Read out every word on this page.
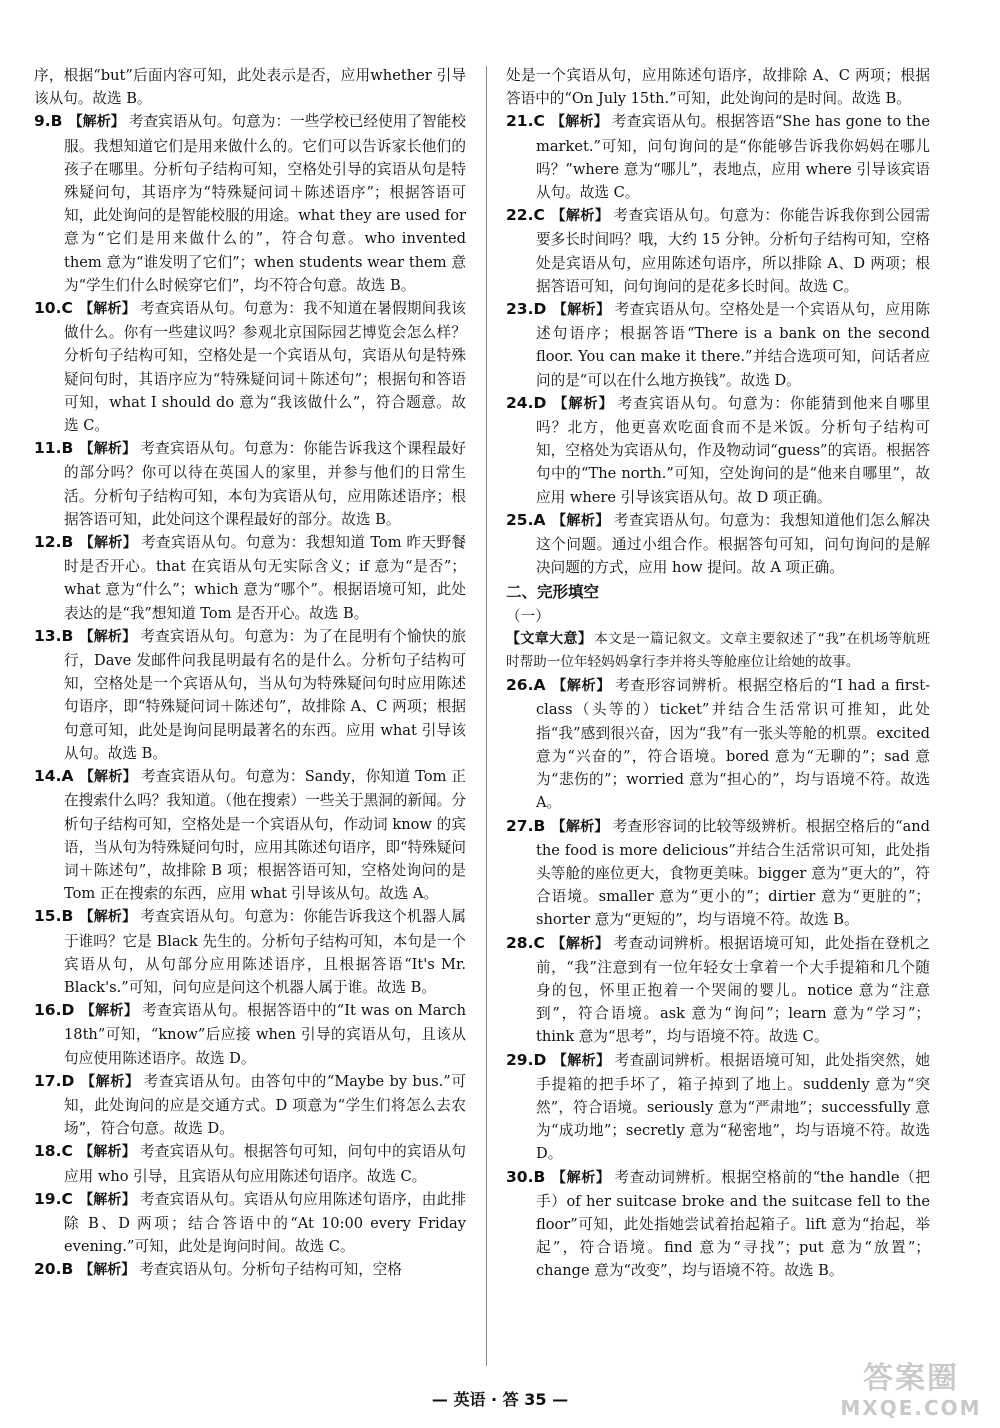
序，根据“but”后面内容可知，此处表示是否，应用whether 引导该从句。故选 B。

9.B 【解析】 考查宾语从句。句意为：一些学校已经使用了智能校服。我想知道它们是用来做什么的。它们可以告诉家长他们的孩子在哪里。分析句子结构可知，空格处引导的宾语从句是特殊疑问句，其语序为“特殊疑问词＋陈述语序”；根据答语可知，此处询问的是智能校服的用途。what they are used for 意为“它们是用来做什么的”，符合句意。who invented them 意为“谁发明了它们”；when students wear them 意为“学生们什么时候穿它们”，均不符合句意。故选 B。

10.C 【解析】 考查宾语从句。句意为：我不知道在暑假期间我该做什么。你有一些建议吗？参观北京国际园艺博览会怎么样？分析句子结构可知，空格处是一个宾语从句，宾语从句是特殊疑问句时，其语序应为“特殊疑问词＋陈述句”；根据句和答语可知，what I should do 意为“我该做什么”，符合题意。故选 C。

11.B 【解析】 考查宾语从句。句意为：你能告诉我这个课程最好的部分吗？你可以待在英国人的家里，并参与他们的日常生活。分析句子结构可知，本句为宾语从句，应用陈述语序；根据答语可知，此处问这个课程最好的部分。故选 B。

12.B 【解析】 考查宾语从句。句意为：我想知道 Tom 昨天野餐时是否开心。that 在宾语从句无实际含义；if 意为“是否”；what 意为“什么”；which 意为“哪个”。根据语境可知，此处表达的是“我”想知道 Tom 是否开心。故选 B。

13.B 【解析】 考查宾语从句。句意为：为了在昆明有个愉快的旅行，Dave 发邮件问我昆明最有名的是什么。分析句子结构可知，空格处是一个宾语从句，当从句为特殊疑问句时应用陈述句语序，即“特殊疑问词＋陈述句”，故排除 A、C 两项；根据句意可知，此处是询问昆明最著名的东西。应用 what 引导该从句。故选 B。

14.A 【解析】 考查宾语从句。句意为：Sandy，你知道 Tom 正在搜索什么吗？我知道。（他在搜索）一些关于黑洞的新闻。分析句子结构可知，空格处是一个宾语从句，作动词 know 的宾语，当从句为特殊疑问句时，应用其陈述句语序，即“特殊疑问词＋陈述句”，故排除 B 项；根据答语可知，空格处询问的是 Tom 正在搜索的东西，应用 what 引导该从句。故选 A。

15.B 【解析】 考查宾语从句。句意为：你能告诉我这个机器人属于谁吗？它是 Black 先生的。分析句子结构可知，本句是一个宾语从句，从句部分应用陈述语序，且根据答语“It's Mr. Black's.”可知，问句应是问这个机器人属于谁。故选 B。

16.D 【解析】 考查宾语从句。根据答语中的“It was on March 18th”可知，“know”后应接 when 引导的宾语从句，且该从句应使用陈述语序。故选 D。

17.D 【解析】 考查宾语从句。由答句中的“Maybe by bus.”可知，此处询问的应是交通方式。D 项意为“学生们将怎么去农场”，符合句意。故选 D。

18.C 【解析】 考查宾语从句。根据答句可知，问句中的宾语从句应用 who 引导，且宾语从句应用陈述句语序。故选 C。

19.C 【解析】 考查宾语从句。宾语从句应用陈述句语序，由此排除 B、D 两项；结合答语中的“At 10:00 every Friday evening.”可知，此处是询问时间。故选 C。

20.B 【解析】 考查宾语从句。分析句子结构可知，空格

处是一个宾语从句，应用陈述句语序，故排除 A、C 两项；根据答语中的“On July 15th.”可知，此处询问的是时间。故选 B。

21.C 【解析】 考查宾语从句。根据答语“She has gone to the market.”可知，问句询问的是“你能够告诉我你妈妈在哪儿吗？”where 意为“哪儿”，表地点，应用 where 引导该宾语从句。故选 C。

22.C 【解析】 考查宾语从句。句意为：你能告诉我你到公园需要多长时间吗？哦，大约 15 分钟。分析句子结构可知，空格处是宾语从句，应用陈述句语序，所以排除 A、D 两项；根据答语可知，问句询问的是花多长时间。故选 C。

23.D 【解析】 考查宾语从句。空格处是一个宾语从句，应用陈述句语序；根据答语“There is a bank on the second floor. You can make it there.”并结合选项可知，问话者应问的是“可以在什么地方换钱”。故选 D。

24.D 【解析】 考查宾语从句。句意为：你能猜到他来自哪里吗？北方，他更喜欢吃面食而不是米饭。分析句子结构可知，空格处为宾语从句，作及物动词“guess”的宾语。根据答句中的“The north.”可知，空处询问的是“他来自哪里”，故应用 where 引导该宾语从句。故 D 项正确。

25.A 【解析】 考查宾语从句。句意为：我想知道他们怎么解决这个问题。通过小组合作。根据答句可知，问句询问的是解决问题的方式，应用 how 提问。故 A 项正确。

二、完形填空

（一）

【文章大意】 本文是一篇记叙文。文章主要叙述了“我”在机场等航班时帮助一位年轻妈妈拿行李并将头等舱座位让给她的故事。

26.A 【解析】 考查形容词辨析。根据空格后的“I had a first-class（头等的）ticket”并结合生活常识可推知，此处指“我”感到很兴奋，因为“我”有一张头等舱的机票。excited 意为“兴奋的”，符合语境。bored 意为“无聊的”；sad 意为“悲伤的”；worried 意为“担心的”，均与语境不符。故选 A。

27.B 【解析】 考查形容词的比较等级辨析。根据空格后的“and the food is more delicious”并结合生活常识可知，此处指头等舱的座位更大，食物更美味。bigger 意为“更大的”，符合语境。smaller 意为“更小的”；dirtier 意为“更脏的”；shorter 意为“更短的”，均与语境不符。故选 B。

28.C 【解析】 考查动词辨析。根据语境可知，此处指在登机之前，“我”注意到有一位年轻女士拿着一个大手提箱和几个随身的包，怀里正抱着一个哭闹的婴儿。notice 意为“注意到”，符合语境。ask 意为“询问”；learn 意为“学习”；think 意为“思考”，均与语境不符。故选 C。

29.D 【解析】 考查副词辨析。根据语境可知，此处指突然，她手提箱的把手坏了，箱子掉到了地上。suddenly 意为“突然”，符合语境。seriously 意为“严肃地”；successfully 意为“成功地”；secretly 意为“秘密地”，均与语境不符。故选 D。

30.B 【解析】 考查动词辨析。根据空格前的“the handle（把手）of her suitcase broke and the suitcase fell to the floor”可知，此处指她尝试着抬起箱子。lift 意为“抬起，举起”，符合语境。find 意为“寻找”；put 意为“放置”；change 意为“改变”，均与语境不符。故选 B。

— 英语 · 答 35 —
答案圈
MXQE.COM
